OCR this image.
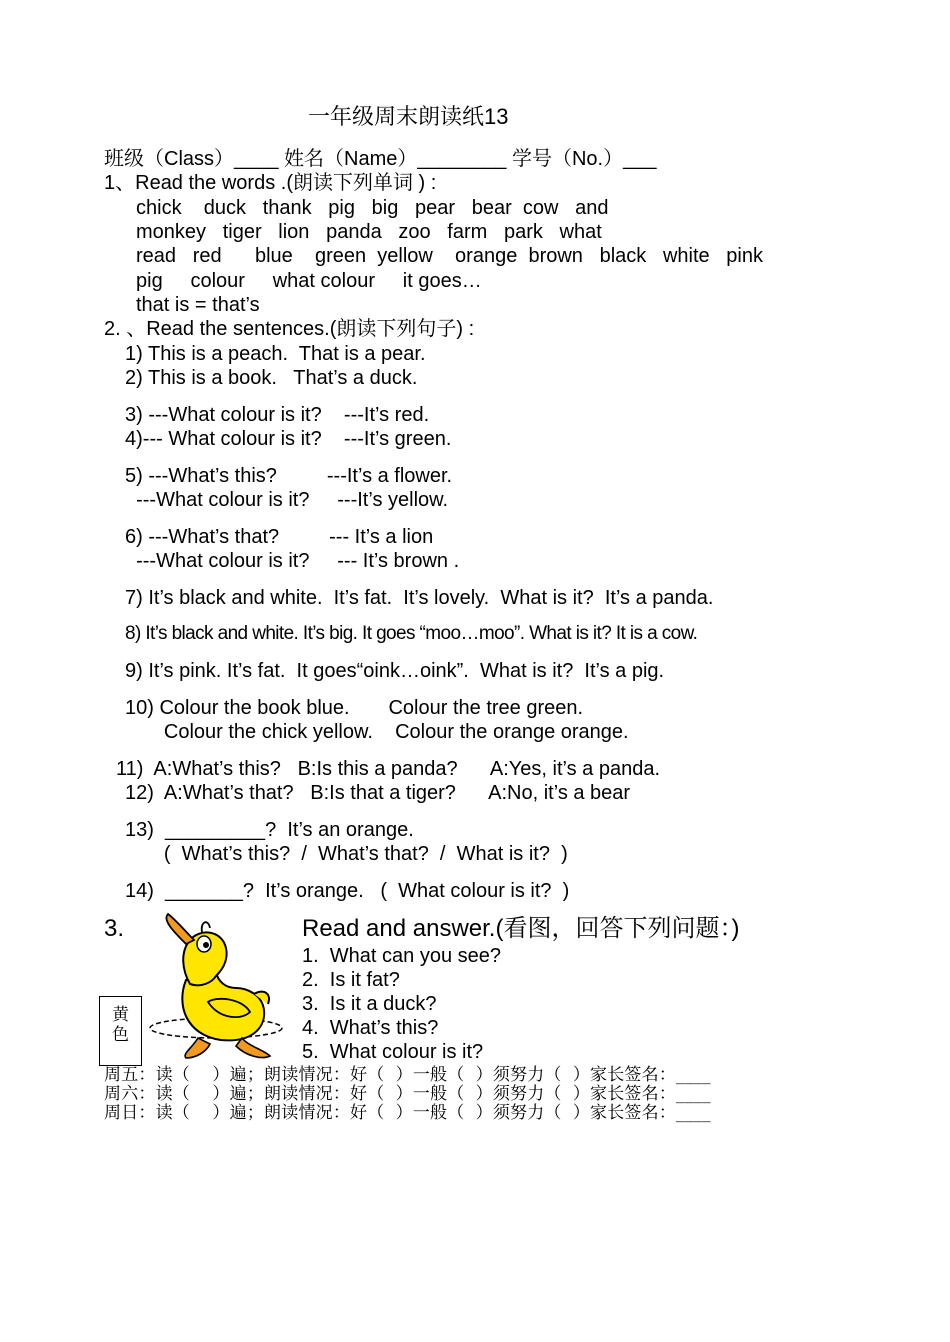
一年级周末朗读纸13
班级（Class）____ 姓名（Name）________ 学号（No.）___
1、Read the words .(朗读下列单词 ) :
chick    duck   thank   pig   big   pear   bear  cow   and
monkey   tiger   lion   panda   zoo   farm   park   what
read   red      blue    green  yellow    orange  brown   black   white   pink
pig     colour     what colour     it goes…
that is = that’s
2. 、Read the sentences.(朗读下列句子) :
1) This is a peach.  That is a pear.
2) This is a book.   That’s a duck.
3) ---What colour is it?    ---It’s red.
4)--- What colour is it?    ---It’s green.
5) ---What’s this?         ---It’s a flower.
---What colour is it?     ---It’s yellow.
6) ---What’s that?         --- It’s a lion
---What colour is it?     --- It’s brown .
7) It’s black and white.  It’s fat.  It’s lovely.  What is it?  It’s a panda.
8) It’s black and white. It’s big. It goes “moo…moo”. What is it? It is a cow.
9) It’s pink. It’s fat.  It goes“oink…oink”.  What is it?  It’s a pig.
10) Colour the book blue.       Colour the tree green.
Colour the chick yellow.    Colour the orange orange.
11)  A:What’s this?   B:Is this a panda?      A:Yes, it’s a panda.
12)  A:What’s that?   B:Is that a tiger?      A:No, it’s a bear
13)  _________?  It’s an orange.
(  What’s this?  /  What’s that?  /  What is it?  )
14)  _______?  It’s orange.   (  What colour is it?  )
3.	Read and answer.(看图，回答下列问题：)
1.  What can you see?
2.  Is it fat?
3.  Is it a duck?
4.  What’s this?
5.  What colour is it?
黄
色
周五：读（    ）遍；朗读情况：好（  ）一般（  ）须努力（  ）家长签名：____
周六：读（    ）遍；朗读情况：好（  ）一般（  ）须努力（  ）家长签名：____
周日：读（    ）遍；朗读情况：好（  ）一般（  ）须努力（  ）家长签名：____
